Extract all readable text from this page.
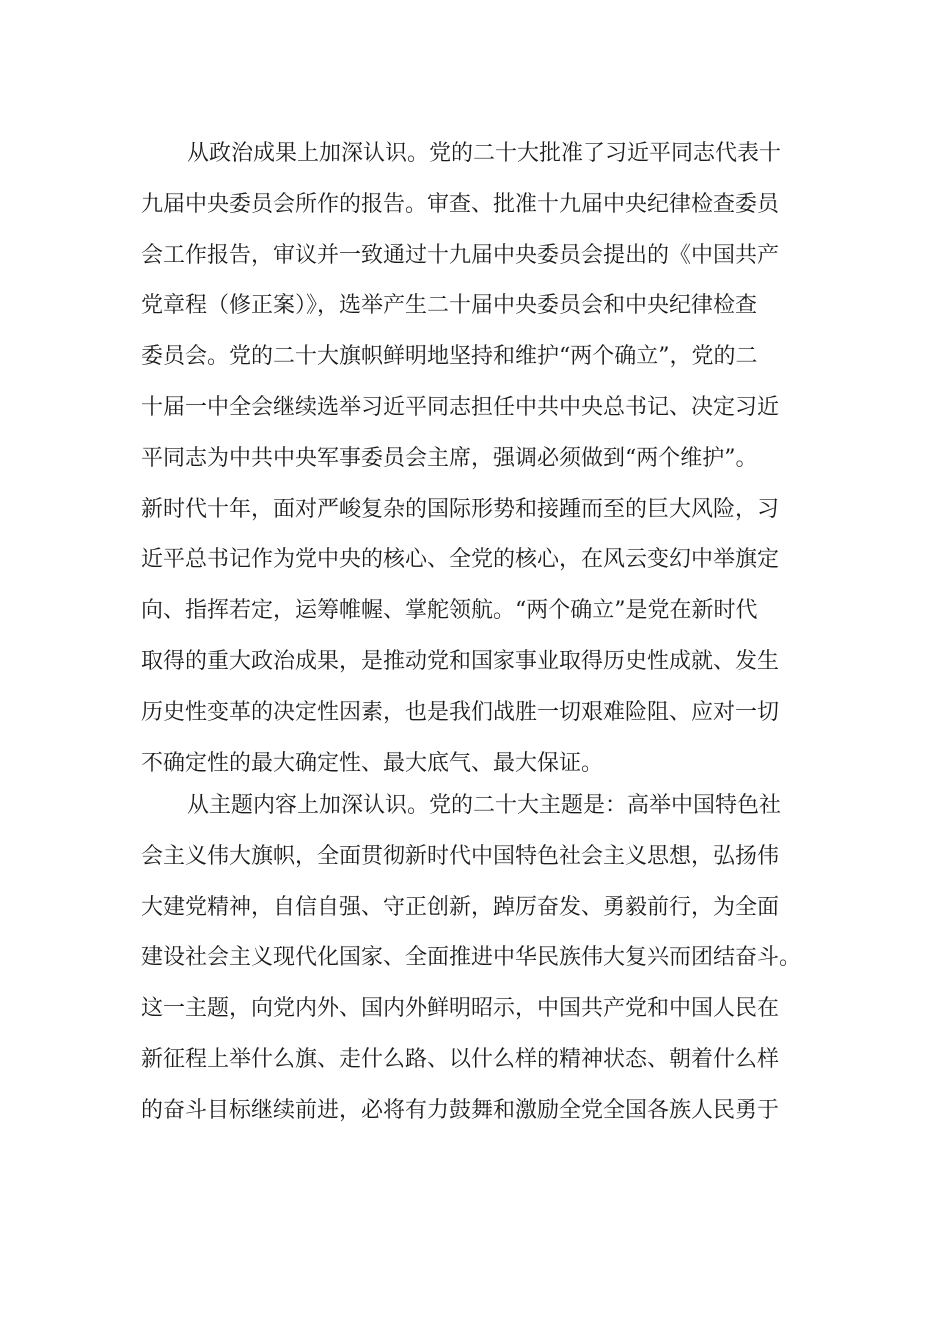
从政治成果上加深认识。党的二十大批准了习近平同志代表十
九届中央委员会所作的报告。审查、批准十九届中央纪律检查委员
会工作报告，审议并一致通过十九届中央委员会提出的《中国共产
党章程（修正案）》，选举产生二十届中央委员会和中央纪律检查
委员会。党的二十大旗帜鲜明地坚持和维护“两个确立”，党的二
十届一中全会继续选举习近平同志担任中共中央总书记、决定习近
平同志为中共中央军事委员会主席，强调必须做到“两个维护”。
新时代十年，面对严峻复杂的国际形势和接踵而至的巨大风险，习
近平总书记作为党中央的核心、全党的核心，在风云变幻中举旗定
向、指挥若定，运筹帷幄、掌舵领航。“两个确立”是党在新时代
取得的重大政治成果，是推动党和国家事业取得历史性成就、发生
历史性变革的决定性因素，也是我们战胜一切艰难险阻、应对一切
不确定性的最大确定性、最大底气、最大保证。
从主题内容上加深认识。党的二十大主题是：高举中国特色社
会主义伟大旗帜，全面贯彻新时代中国特色社会主义思想，弘扬伟
大建党精神，自信自强、守正创新，踔厉奋发、勇毅前行，为全面
建设社会主义现代化国家、全面推进中华民族伟大复兴而团结奋斗。
这一主题，向党内外、国内外鲜明昭示，中国共产党和中国人民在
新征程上举什么旗、走什么路、以什么样的精神状态、朝着什么样
的奋斗目标继续前进，必将有力鼓舞和激励全党全国各族人民勇于
